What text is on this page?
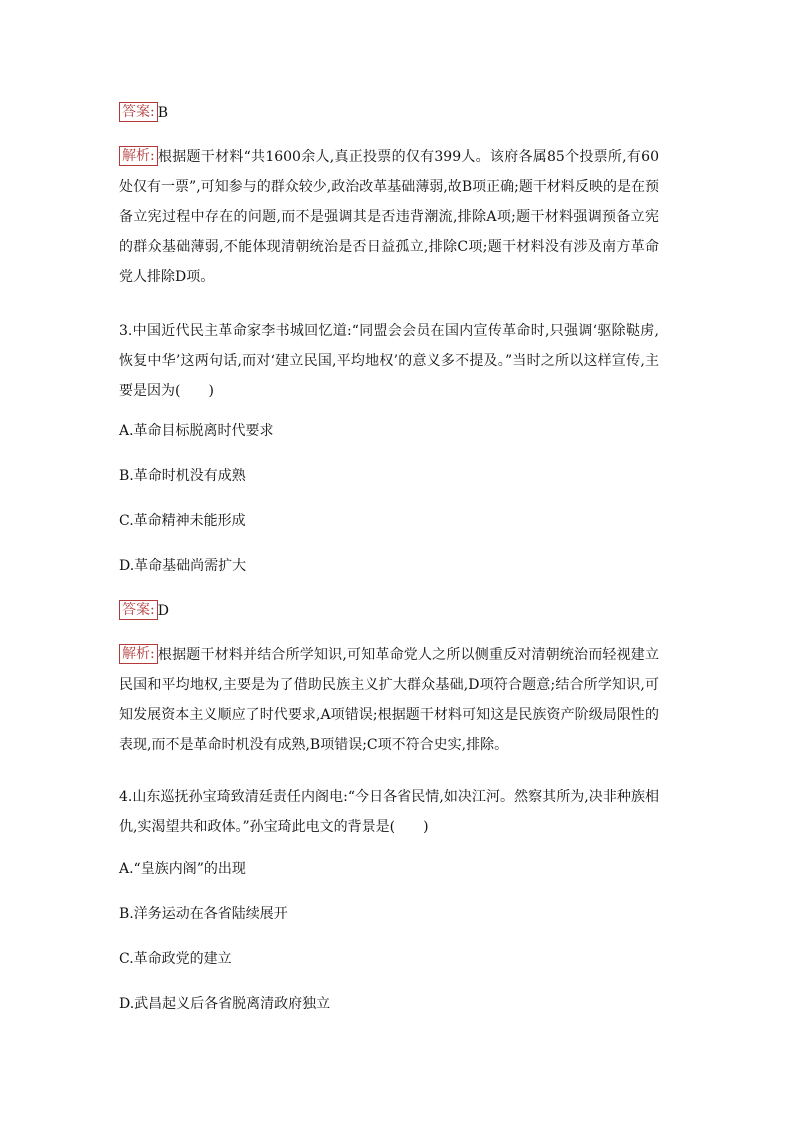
答案: B
解析: 根据题干材料“共1600余人,真正投票的仅有399人。该府各属85个投票所,有60处仅有一票”,可知参与的群众较少,政治改革基础薄弱,故B项正确;题干材料反映的是在预备立宪过程中存在的问题,而不是强调其是否违背潮流,排除A项;题干材料强调预备立宪的群众基础薄弱,不能体现清朝统治是否日益孤立,排除C项;题干材料没有涉及南方革命党人排除D项。
3.中国近代民主革命家李书城回忆道:“同盟会会员在国内宣传革命时,只强调‘驱除鞑虏,恢复中华’这两句话,而对‘建立民国,平均地权’的意义多不提及。”当时之所以这样宣传,主要是因为(　　)
A.革命目标脱离时代要求
B.革命时机没有成熟
C.革命精神未能形成
D.革命基础尚需扩大
答案: D
解析: 根据题干材料并结合所学知识,可知革命党人之所以侧重反对清朝统治而轻视建立民国和平均地权,主要是为了借助民族主义扩大群众基础,D项符合题意;结合所学知识,可知发展资本主义顺应了时代要求,A项错误;根据题干材料可知这是民族资产阶级局限性的表现,而不是革命时机没有成熟,B项错误;C项不符合史实,排除。
4.山东巡抚孙宝琦致清廷责任内阁电:“今日各省民情,如决江河。然察其所为,决非种族相仇,实渴望共和政体。”孙宝琦此电文的背景是(　　)
A.“皇族内阁”的出现
B.洋务运动在各省陆续展开
C.革命政党的建立
D.武昌起义后各省脱离清政府独立
